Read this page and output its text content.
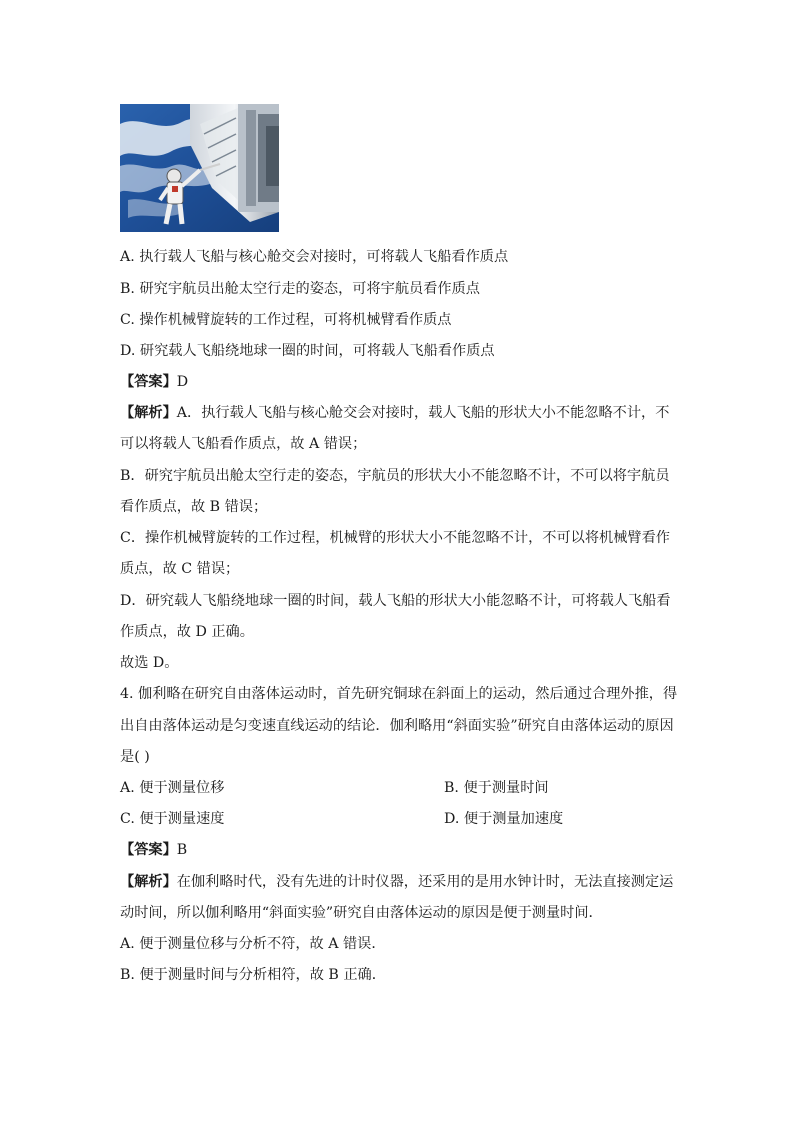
A. 执行载人飞船与核心舱交会对接时，可将载人飞船看作质点
B. 研究宇航员出舱太空行走的姿态，可将宇航员看作质点
C. 操作机械臂旋转的工作过程，可将机械臂看作质点
D. 研究载人飞船绕地球一圈的时间，可将载人飞船看作质点
【答案】D
【解析】A．执行载人飞船与核心舱交会对接时，载人飞船的形状大小不能忽略不计，不
可以将载人飞船看作质点，故 A 错误；
B．研究宇航员出舱太空行走的姿态，宇航员的形状大小不能忽略不计，不可以将宇航员
看作质点，故 B 错误；
C．操作机械臂旋转的工作过程，机械臂的形状大小不能忽略不计，不可以将机械臂看作
质点，故 C 错误；
D．研究载人飞船绕地球一圈的时间，载人飞船的形状大小能忽略不计，可将载人飞船看
作质点，故 D 正确。
故选 D。
4. 伽利略在研究自由落体运动时，首先研究铜球在斜面上的运动，然后通过合理外推，得
出自由落体运动是匀变速直线运动的结论．伽利略用“斜面实验”研究自由落体运动的原因
是( )
A. 便于测量位移	B. 便于测量时间
C. 便于测量速度	D. 便于测量加速度
【答案】B
【解析】在伽利略时代，没有先进的计时仪器，还采用的是用水钟计时，无法直接测定运
动时间，所以伽利略用“斜面实验”研究自由落体运动的原因是便于测量时间．
A. 便于测量位移与分析不符，故 A 错误．
B. 便于测量时间与分析相符，故 B 正确．
